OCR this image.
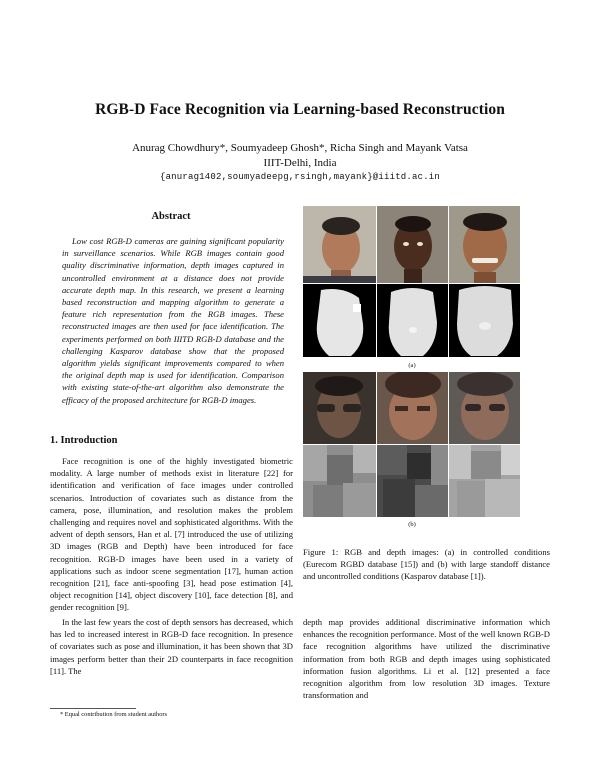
RGB-D Face Recognition via Learning-based Reconstruction
Anurag Chowdhury*, Soumyadeep Ghosh*, Richa Singh and Mayank Vatsa
IIIT-Delhi, India
{anurag1402,soumyadeepg,rsingh,mayank}@iiitd.ac.in
Abstract
Low cost RGB-D cameras are gaining significant popularity in surveillance scenarios. While RGB images contain good quality discriminative information, depth images captured in uncontrolled environment at a distance does not provide accurate depth map. In this research, we present a learning based reconstruction and mapping algorithm to generate a feature rich representation from the RGB images. These reconstructed images are then used for face identification. The experiments performed on both IIITD RGB-D database and the challenging Kasparov database show that the proposed algorithm yields significant improvements compared to when the original depth map is used for identification. Comparison with existing state-of-the-art algorithm also demonstrate the efficacy of the proposed architecture for RGB-D images.
1. Introduction
Face recognition is one of the highly investigated biometric modality. A large number of methods exist in literature [22] for identification and verification of face images under controlled scenarios. Introduction of covariates such as distance from the camera, pose, illumination, and resolution makes the problem challenging and requires novel and sophisticated algorithms. With the advent of depth sensors, Han et al. [7] introduced the use of utilizing 3D images (RGB and Depth) have been introduced for face recognition. RGB-D images have been used in a variety of applications such as indoor scene segmentation [17], human action recognition [21], face anti-spoofing [3], head pose estimation [4], object recognition [14], object discovery [10], face detection [8], and gender recognition [9].
In the last few years the cost of depth sensors has decreased, which has led to increased interest in RGB-D face recognition. In presence of covariates such as pose and illumination, it has been shown that 3D images perform better than their 2D counterparts in face recognition [11]. The
* Equal contribution from student authors
(a)
(b)
Figure 1: RGB and depth images: (a) in controlled conditions (Eurecom RGBD database [15]) and (b) with large standoff distance and uncontrolled conditions (Kasparov database [1]).
depth map provides additional discriminative information which enhances the recognition performance. Most of the well known RGB-D face recognition algorithms have utilized the discriminative information from both RGB and depth images using sophisticated information fusion algorithms. Li et al. [12] presented a face recognition algorithm from low resolution 3D images. Texture transformation and
